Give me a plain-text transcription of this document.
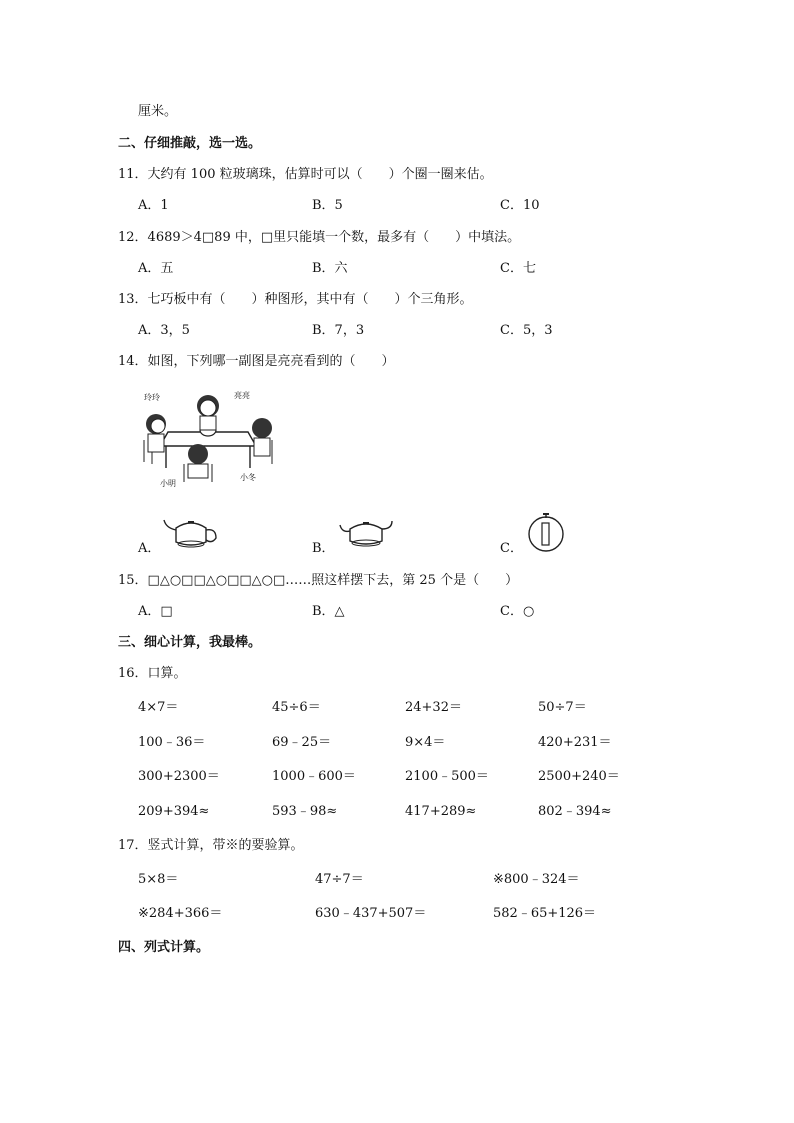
厘米。
二、仔细推敲，选一选。
11．大约有 100 粒玻璃珠，估算时可以（　　）个圈一圈来估。
A．1	B．5	C．10
12．4689＞4□89 中，□里只能填一个数，最多有（　　）中填法。
A．五	B．六	C．七
13．七巧板中有（　　）种图形，其中有（　　）个三角形。
A．3，5	B．7，3	C．5，3
14．如图，下列哪一副图是亮亮看到的（　　）
玲玲	亮亮
小明
小冬
A．	B．	C．
15．□△○□□△○□□△○□……照这样摆下去，第 25 个是（　　）
A．□	B．△	C．○
三、细心计算，我最棒。
16．口算。
4×7＝	45÷6＝	24+32＝	50÷7＝
100﹣36＝	69﹣25＝	9×4＝	420+231＝
300+2300＝	1000﹣600＝	2100﹣500＝	2500+240＝
209+394≈	593﹣98≈	417+289≈	802﹣394≈
17．竖式计算，带※的要验算。
5×8＝	47÷7＝	※800﹣324＝
※284+366＝	630﹣437+507＝	582﹣65+126＝
四、列式计算。
